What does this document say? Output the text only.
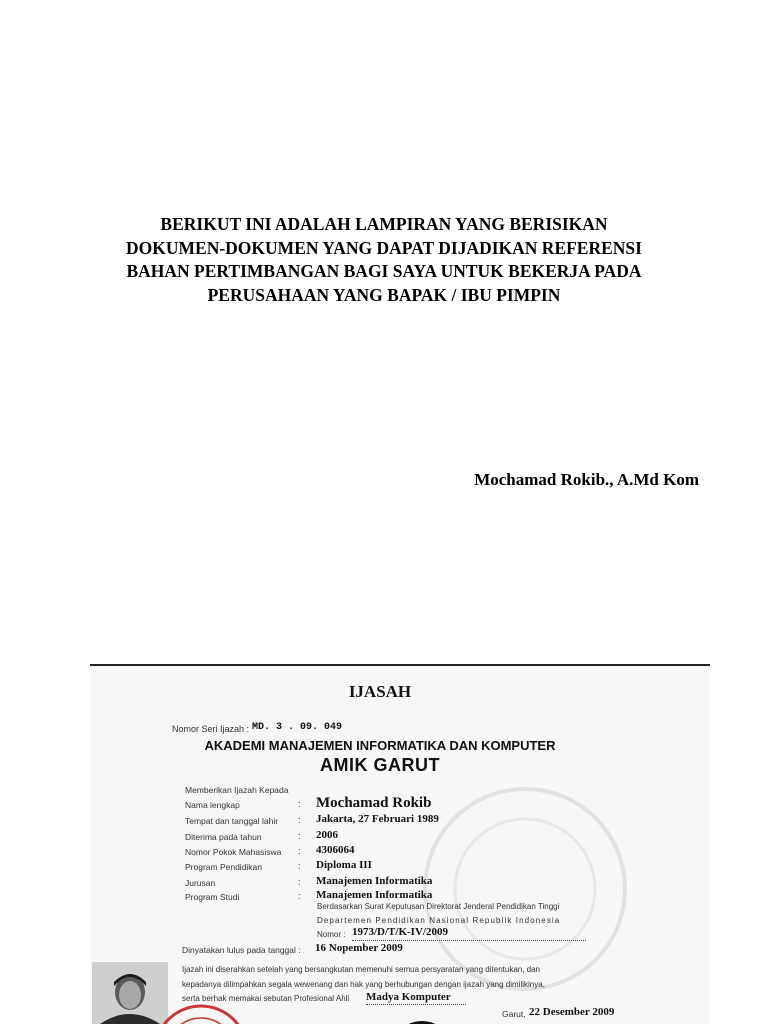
BERIKUT INI ADALAH LAMPIRAN YANG BERISIKAN
DOKUMEN-DOKUMEN YANG DAPAT DIJADIKAN REFERENSI
BAHAN PERTIMBANGAN BAGI SAYA UNTUK BEKERJA PADA
PERUSAHAAN YANG BAPAK / IBU PIMPIN
Mochamad Rokib., A.Md Kom
IJASAH
Nomor Seri Ijazah : MD. 3 . 09. 049
AKADEMI MANAJEMEN INFORMATIKA DAN KOMPUTER
AMIK GARUT
Memberikan Ijazah Kepada
Nama lengkap	: Mochamad Rokib
Tempat dan tanggal lahir : Jakarta, 27 Februari 1989
Diterima pada tahun	: 2006
Nomor Pokok Mahasiswa : 4306064
Program Pendidikan	: Diploma III
Jurusan	: Manajemen Informatika
Program Studi	: Manajemen Informatika
Berdasarkan Surat Keputusan Direktorat Jenderal Pendidikan Tinggi
Departemen Pendidikan Nasional Republik Indonesia
Nomor : 1973/D/T/K-IV/2009
Dinyatakan lulus pada tanggal : 16 Nopember 2009
Ijazah ini diserahkan setelah yang bersangkutan memenuhi semua persyaratan yang ditentukan, dan
kepadanya dilimpahkan segala wewenang dan hak yang berhubungan dengan ijazah yang dimilikinya,
serta berhak memakai sebutan Profesional Ahli Madya Komputer
Garut, 22 Desember 2009
